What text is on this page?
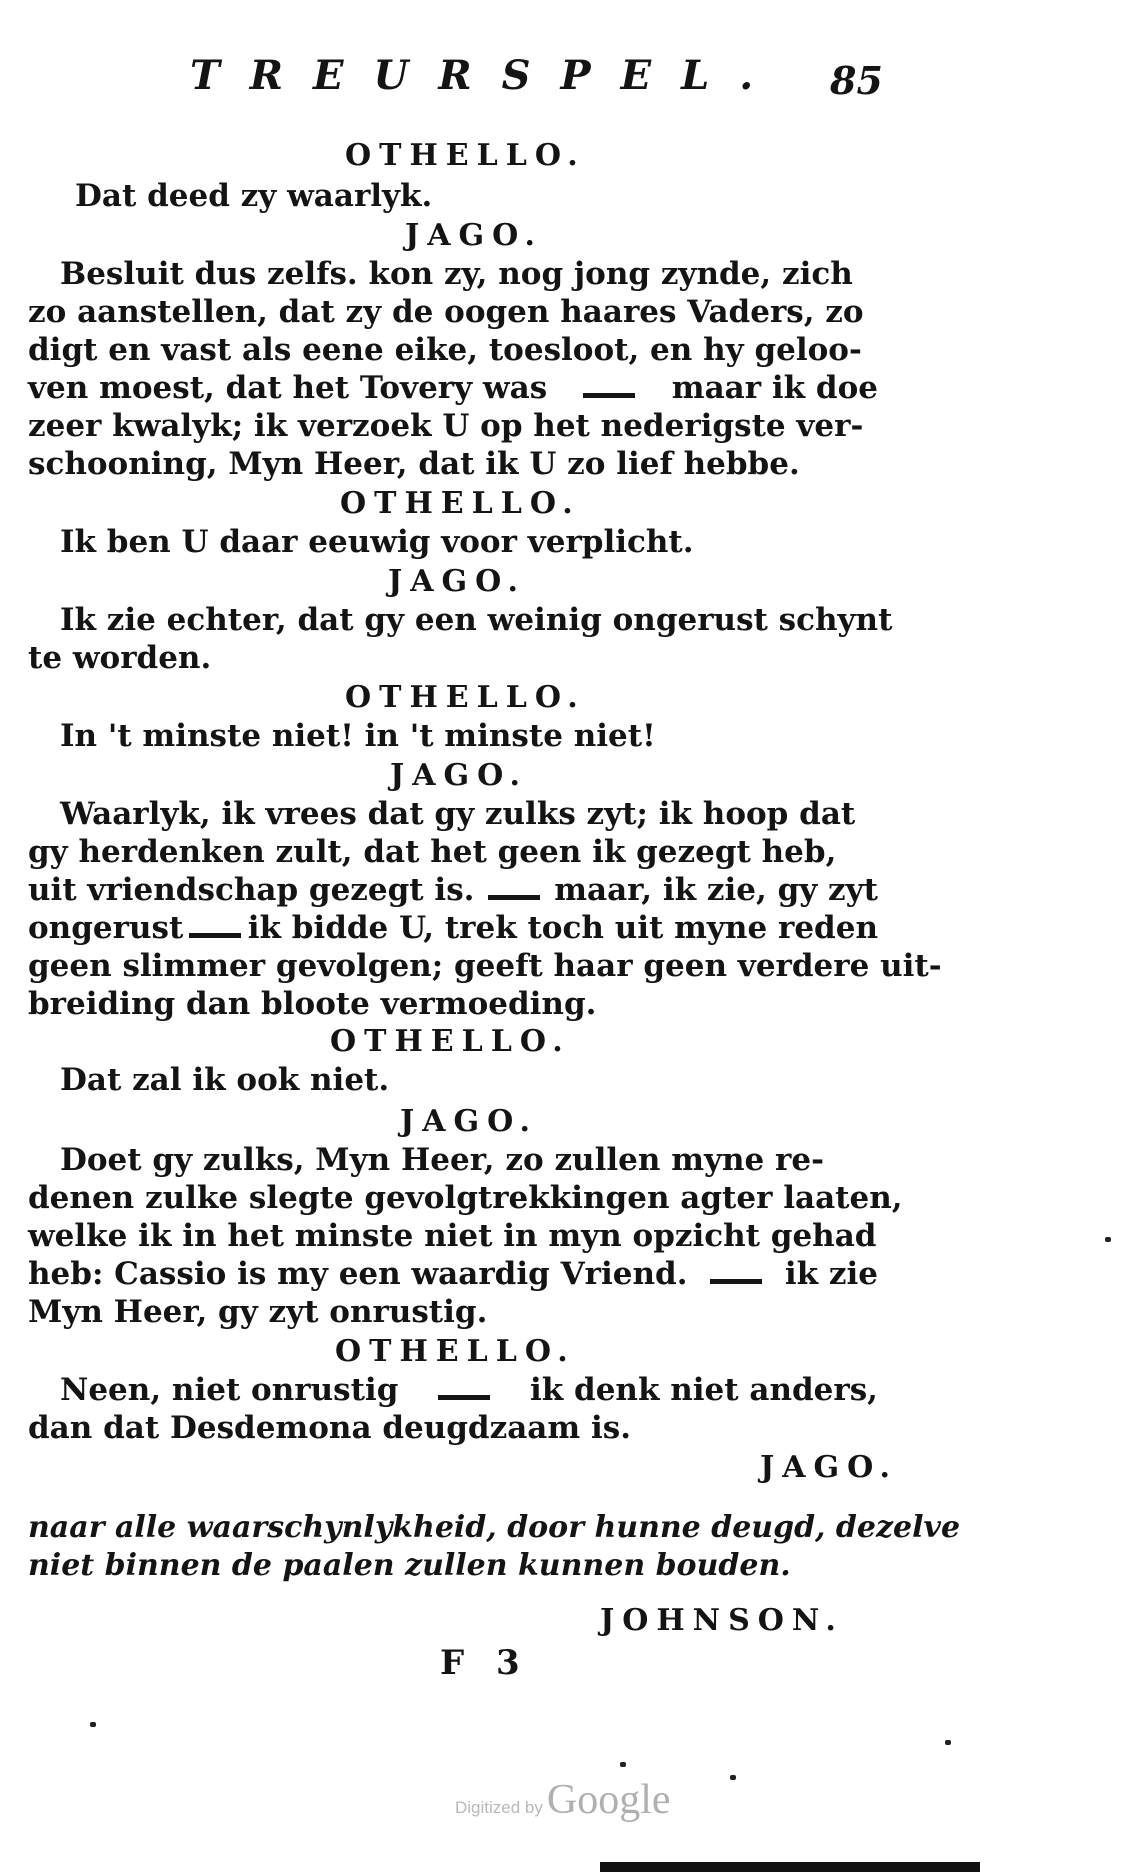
TREURSPEL.	85
OTHELLO.
Dat deed zy waarlyk.
JAGO.
Besluit dus zelfs. kon zy, nog jong zynde, zich
zo aanstellen, dat zy de oogen haares Vaders, zo
digt en vast als eene eike, toesloot, en hy geloo-
ven moest, dat het Tovery was	maar ik doe
zeer kwalyk; ik verzoek U op het nederigste ver-
schooning, Myn Heer, dat ik U zo lief hebbe.
OTHELLO.
Ik ben U daar eeuwig voor verplicht.
JAGO.
Ik zie echter, dat gy een weinig ongerust schynt
te worden.
OTHELLO.
In 't minste niet! in 't minste niet!
JAGO.
Waarlyk, ik vrees dat gy zulks zyt; ik hoop dat
gy herdenken zult, dat het geen ik gezegt heb,
uit vriendschap gezegt is.	maar, ik zie, gy zyt
ongerust ik bidde U, trek toch uit myne reden
geen slimmer gevolgen; geeft haar geen verdere uit-
breiding dan bloote vermoeding.
OTHELLO.
Dat zal ik ook niet.
JAGO.
Doet gy zulks, Myn Heer, zo zullen myne re-
denen zulke slegte gevolgtrekkingen agter laaten,
welke ik in het minste niet in myn opzicht gehad
heb: Cassio is my een waardig Vriend.	ik zie
Myn Heer, gy zyt onrustig.
OTHELLO.
Neen, niet onrustig	ik denk niet anders,
dan dat Desdemona deugdzaam is.
JAGO.
naar alle waarschynlykheid, door hunne deugd, dezelve
niet binnen de paalen zullen kunnen bouden.
JOHNSON.
F 3
Digitized by Google
